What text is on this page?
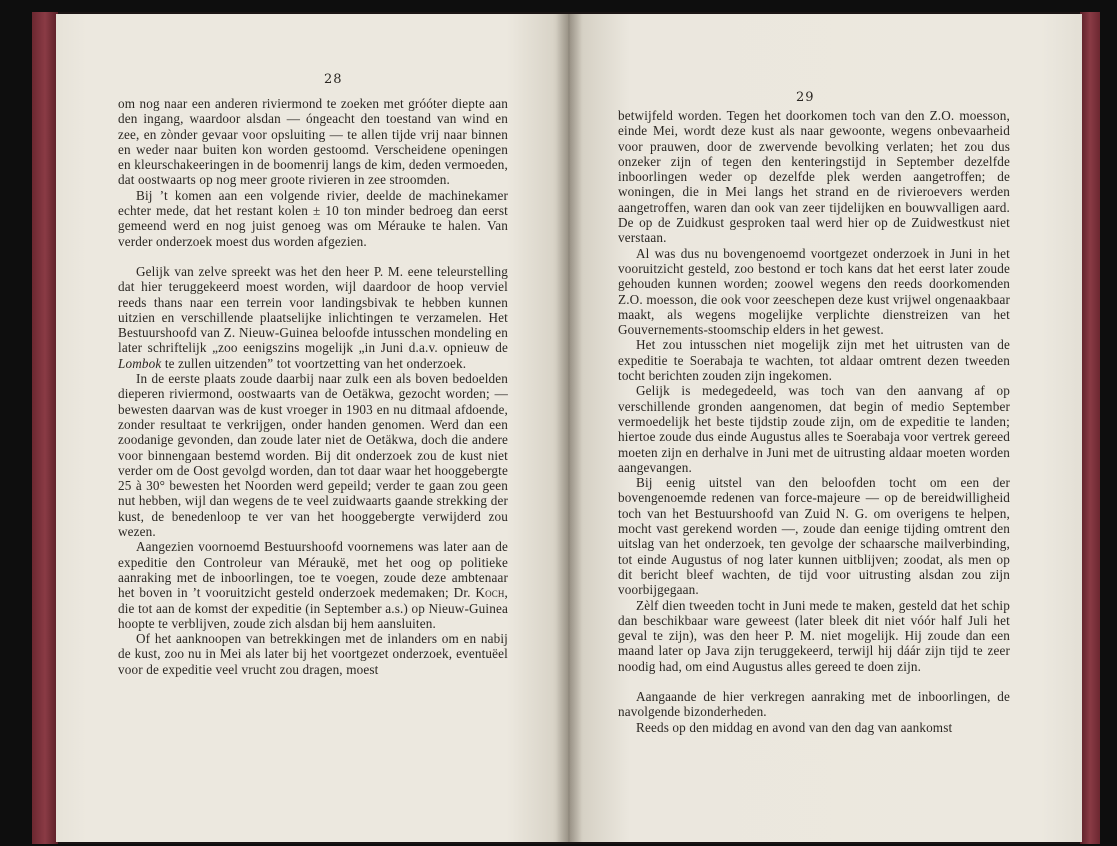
28

om nog naar een anderen riviermond te zoeken met gróóter diepte aan den ingang, waardoor alsdan — óngeacht den toestand van wind en zee, en zònder gevaar voor opsluiting — te allen tijde vrij naar binnen en weder naar buiten kon worden gestoomd. Verscheidene openingen en kleurschakeeringen in de boomenrij langs de kim, deden vermoeden, dat oostwaarts op nog meer groote rivieren in zee stroomden.

Bij ’t komen aan een volgende rivier, deelde de machinekamer echter mede, dat het restant kolen ± 10 ton minder bedroeg dan eerst gemeend werd en nog juist genoeg was om Mérauke te halen. Van verder onderzoek moest dus worden afgezien.

Gelijk van zelve spreekt was het den heer P. M. eene teleurstelling dat hier teruggekeerd moest worden, wijl daardoor de hoop verviel reeds thans naar een terrein voor landingsbivak te hebben kunnen uitzien en verschillende plaatselijke inlichtingen te verzamelen. Het Bestuurshoofd van Z. Nieuw-Guinea beloofde intusschen mondeling en later schriftelijk „zoo eenigszins mogelijk „in Juni d.a.v. opnieuw de Lombok te zullen uitzenden” tot voortzetting van het onderzoek.

In de eerste plaats zoude daarbij naar zulk een als boven bedoelden dieperen riviermond, oostwaarts van de Oetäkwa, gezocht worden; — bewesten daarvan was de kust vroeger in 1903 en nu ditmaal afdoende, zonder resultaat te verkrijgen, onder handen genomen. Werd dan een zoodanige gevonden, dan zoude later niet de Oetäkwa, doch die andere voor binnengaan bestemd worden. Bij dit onderzoek zou de kust niet verder om de Oost gevolgd worden, dan tot daar waar het hooggebergte 25 à 30° bewesten het Noorden werd gepeild; verder te gaan zou geen nut hebben, wijl dan wegens de te veel zuidwaarts gaande strekking der kust, de benedenloop te ver van het hooggebergte verwijderd zou wezen.

Aangezien voornoemd Bestuurshoofd voornemens was later aan de expeditie den Controleur van Méraukë, met het oog op politieke aanraking met de inboorlingen, toe te voegen, zoude deze ambtenaar het boven in ’t vooruitzicht gesteld onderzoek medemaken; Dr. Koch, die tot aan de komst der expeditie (in September a.s.) op Nieuw-Guinea hoopte te verblijven, zoude zich alsdan bij hem aansluiten.

Of het aanknoopen van betrekkingen met de inlanders om en nabij de kust, zoo nu in Mei als later bij het voortgezet onderzoek, eventuëel voor de expeditie veel vrucht zou dragen, moest

29

betwijfeld worden. Tegen het doorkomen toch van den Z.O. moesson, einde Mei, wordt deze kust als naar gewoonte, wegens onbevaarheid voor prauwen, door de zwervende bevolking verlaten; het zou dus onzeker zijn of tegen den kenteringstijd in September dezelfde inboorlingen weder op dezelfde plek werden aangetroffen; de woningen, die in Mei langs het strand en de rivieroevers werden aangetroffen, waren dan ook van zeer tijdelijken en bouwvalligen aard. De op de Zuidkust gesproken taal werd hier op de Zuidwestkust niet verstaan.

Al was dus nu bovengenoemd voortgezet onderzoek in Juni in het vooruitzicht gesteld, zoo bestond er toch kans dat het eerst later zoude gehouden kunnen worden; zoowel wegens den reeds doorkomenden Z.O. moesson, die ook voor zeeschepen deze kust vrijwel ongenaakbaar maakt, als wegens mogelijke verplichte dienstreizen van het Gouvernements-stoomschip elders in het gewest.

Het zou intusschen niet mogelijk zijn met het uitrusten van de expeditie te Soerabaja te wachten, tot aldaar omtrent dezen tweeden tocht berichten zouden zijn ingekomen.

Gelijk is medegedeeld, was toch van den aanvang af op verschillende gronden aangenomen, dat begin of medio September vermoedelijk het beste tijdstip zoude zijn, om de expeditie te landen; hiertoe zoude dus einde Augustus alles te Soerabaja voor vertrek gereed moeten zijn en derhalve in Juni met de uitrusting aldaar moeten worden aangevangen.

Bij eenig uitstel van den beloofden tocht om een der bovengenoemde redenen van force-majeure — op de bereidwilligheid toch van het Bestuurshoofd van Zuid N. G. om overigens te helpen, mocht vast gerekend worden —, zoude dan eenige tijding omtrent den uitslag van het onderzoek, ten gevolge der schaarsche mailverbinding, tot einde Augustus of nog later kunnen uitblijven; zoodat, als men op dit bericht bleef wachten, de tijd voor uitrusting alsdan zou zijn voorbijgegaan.

Zèlf dien tweeden tocht in Juni mede te maken, gesteld dat het schip dan beschikbaar ware geweest (later bleek dit niet vóór half Juli het geval te zijn), was den heer P. M. niet mogelijk. Hij zoude dan een maand later op Java zijn teruggekeerd, terwijl hij dáár zijn tijd te zeer noodig had, om eind Augustus alles gereed te doen zijn.

Aangaande de hier verkregen aanraking met de inboorlingen, de navolgende bizonderheden.

Reeds op den middag en avond van den dag van aankomst
